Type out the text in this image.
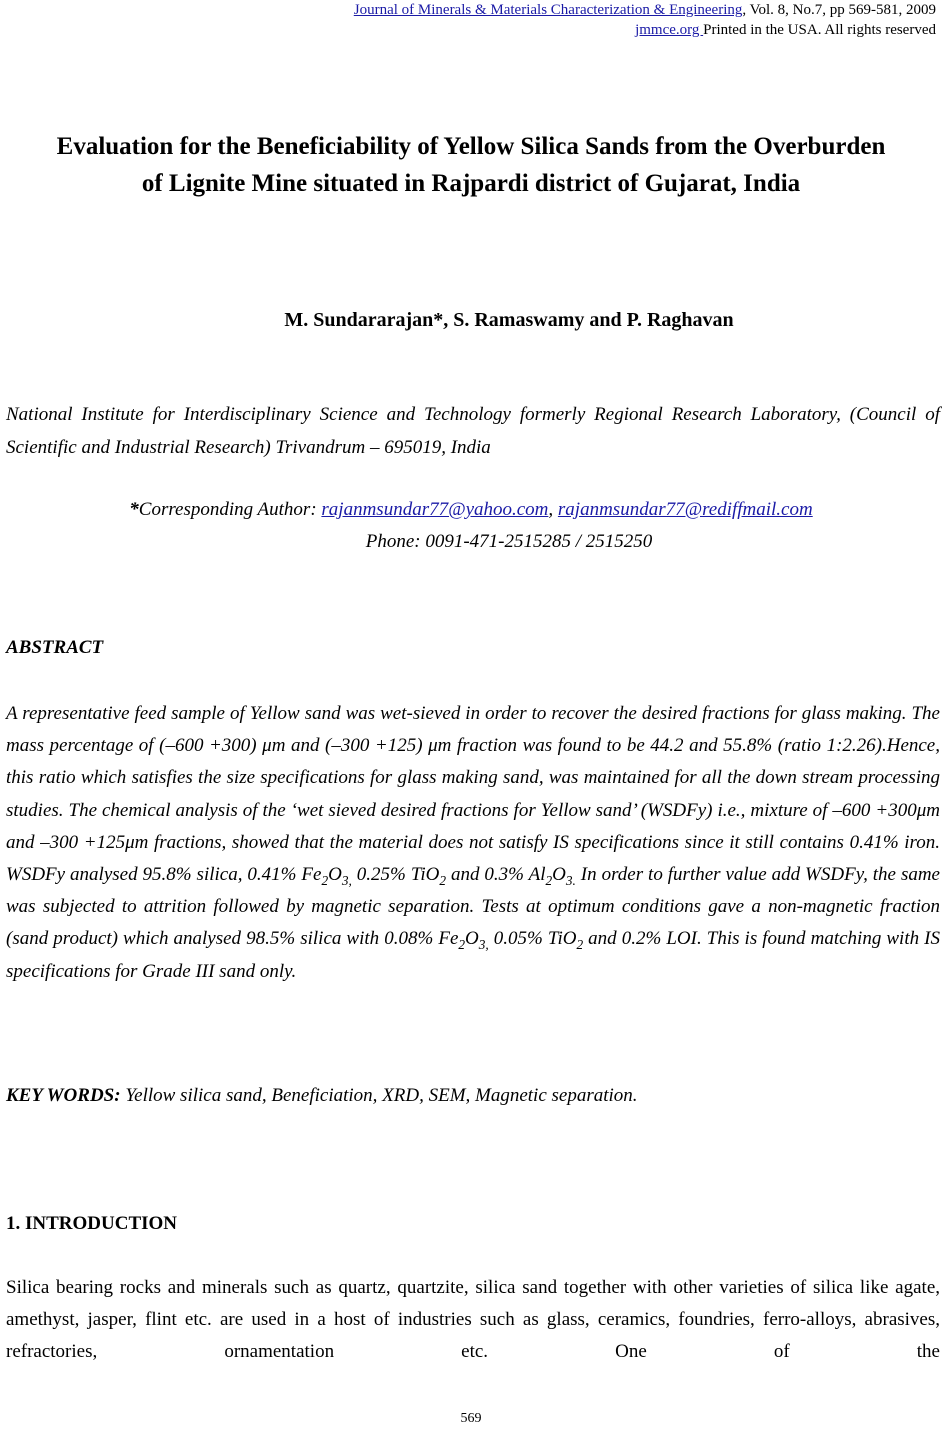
Journal of Minerals & Materials Characterization & Engineering, Vol. 8, No.7, pp 569-581, 2009
jmmce.org Printed in the USA. All rights reserved
Evaluation for the Beneficiability of Yellow Silica Sands from the Overburden
of Lignite Mine situated in Rajpardi district of Gujarat, India
M. Sundararajan*, S. Ramaswamy and P. Raghavan
National Institute for Interdisciplinary Science and Technology formerly Regional Research Laboratory, (Council of Scientific and Industrial Research) Trivandrum – 695019, India
*Corresponding Author: rajanmsundar77@yahoo.com, rajanmsundar77@rediffmail.com
Phone: 0091-471-2515285 / 2515250
ABSTRACT
A representative feed sample of Yellow sand was wet-sieved in order to recover the desired fractions for glass making. The mass percentage of (–600 +300) μm and (–300 +125) μm fraction was found to be 44.2 and 55.8% (ratio 1:2.26).Hence, this ratio which satisfies the size specifications for glass making sand, was maintained for all the down stream processing studies. The chemical analysis of the ‘wet sieved desired fractions for Yellow sand’ (WSDFy) i.e., mixture of –600 +300μm and –300 +125μm fractions, showed that the material does not satisfy IS specifications since it still contains 0.41% iron. WSDFy analysed 95.8% silica, 0.41% $Fe_2O_{3,}$ 0.25% TiO$_2$ and 0.3% $Al_2O_{3.}$ In order to further value add WSDFy, the same was subjected to attrition followed by magnetic separation. Tests at optimum conditions gave a non-magnetic fraction (sand product) which analysed 98.5% silica with 0.08% $Fe_2O_{3,}$ 0.05% TiO$_2$ and 0.2% LOI. This is found matching with IS specifications for Grade III sand only.
KEY WORDS: Yellow silica sand, Beneficiation, XRD, SEM, Magnetic separation.
1. INTRODUCTION
Silica bearing rocks and minerals such as quartz, quartzite, silica sand together with other varieties of silica like agate, amethyst, jasper, flint etc. are used in a host of industries such as glass, ceramics, foundries, ferro-alloys, abrasives, refractories, ornamentation etc. One of the
569
